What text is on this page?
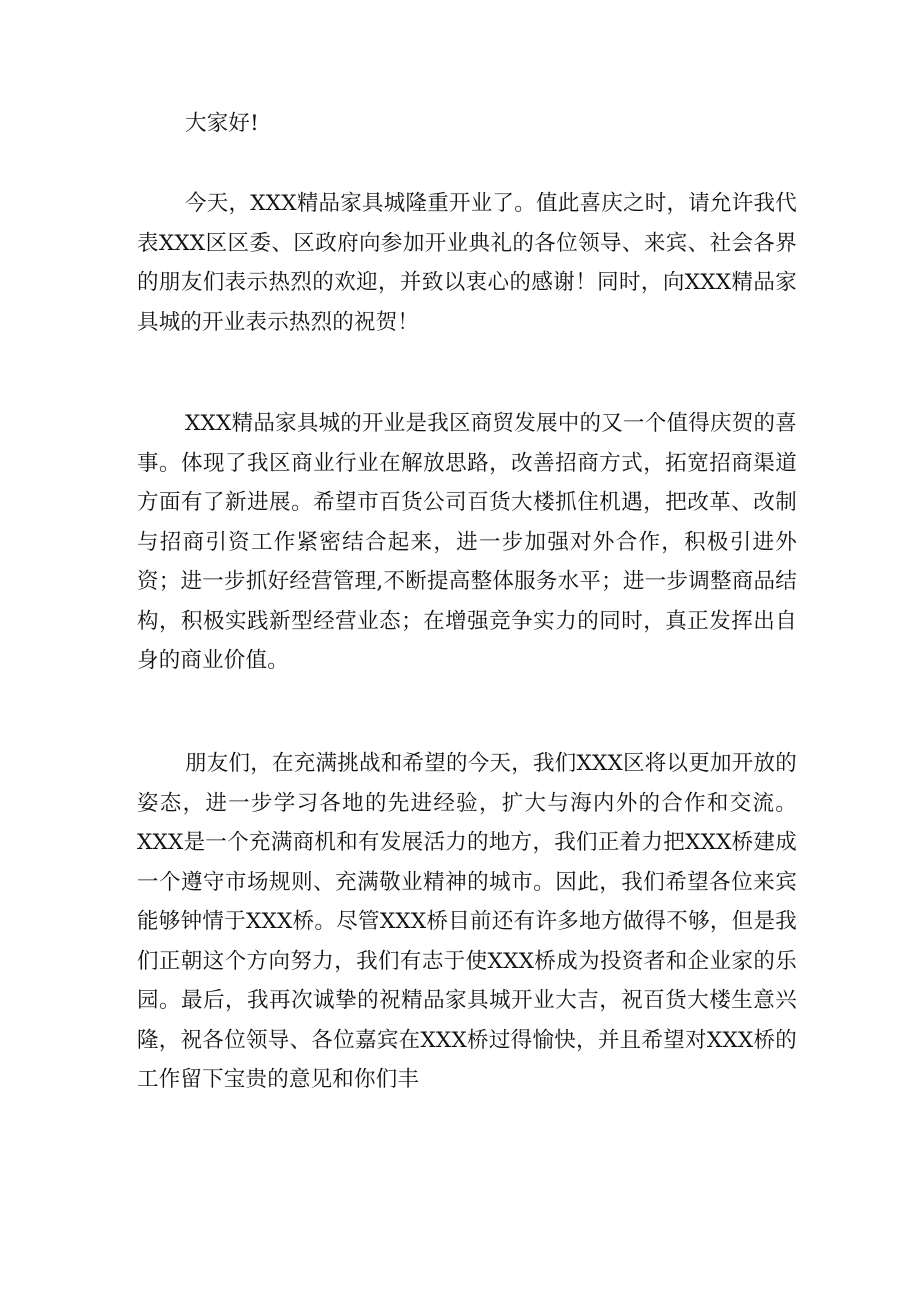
大家好!

今天，XXX精品家具城隆重开业了。值此喜庆之时，请允许我代表XXX区区委、区政府向参加开业典礼的各位领导、来宾、社会各界的朋友们表示热烈的欢迎，并致以衷心的感谢！同时，向XXX精品家具城的开业表示热烈的祝贺！

XXX精品家具城的开业是我区商贸发展中的又一个值得庆贺的喜事。体现了我区商业行业在解放思路，改善招商方式，拓宽招商渠道方面有了新进展。希望市百货公司百货大楼抓住机遇，把改革、改制与招商引资工作紧密结合起来，进一步加强对外合作，积极引进外资；进一步抓好经营管理,不断提高整体服务水平；进一步调整商品结构，积极实践新型经营业态；在增强竞争实力的同时，真正发挥出自身的商业价值。

朋友们，在充满挑战和希望的今天，我们XXX区将以更加开放的姿态，进一步学习各地的先进经验，扩大与海内外的合作和交流。XXX是一个充满商机和有发展活力的地方，我们正着力把XXX桥建成一个遵守市场规则、充满敬业精神的城市。因此，我们希望各位来宾能够钟情于XXX桥。尽管XXX桥目前还有许多地方做得不够，但是我们正朝这个方向努力，我们有志于使XXX桥成为投资者和企业家的乐园。最后，我再次诚挚的祝精品家具城开业大吉，祝百货大楼生意兴隆，祝各位领导、各位嘉宾在XXX桥过得愉快，并且希望对XXX桥的工作留下宝贵的意见和你们丰
